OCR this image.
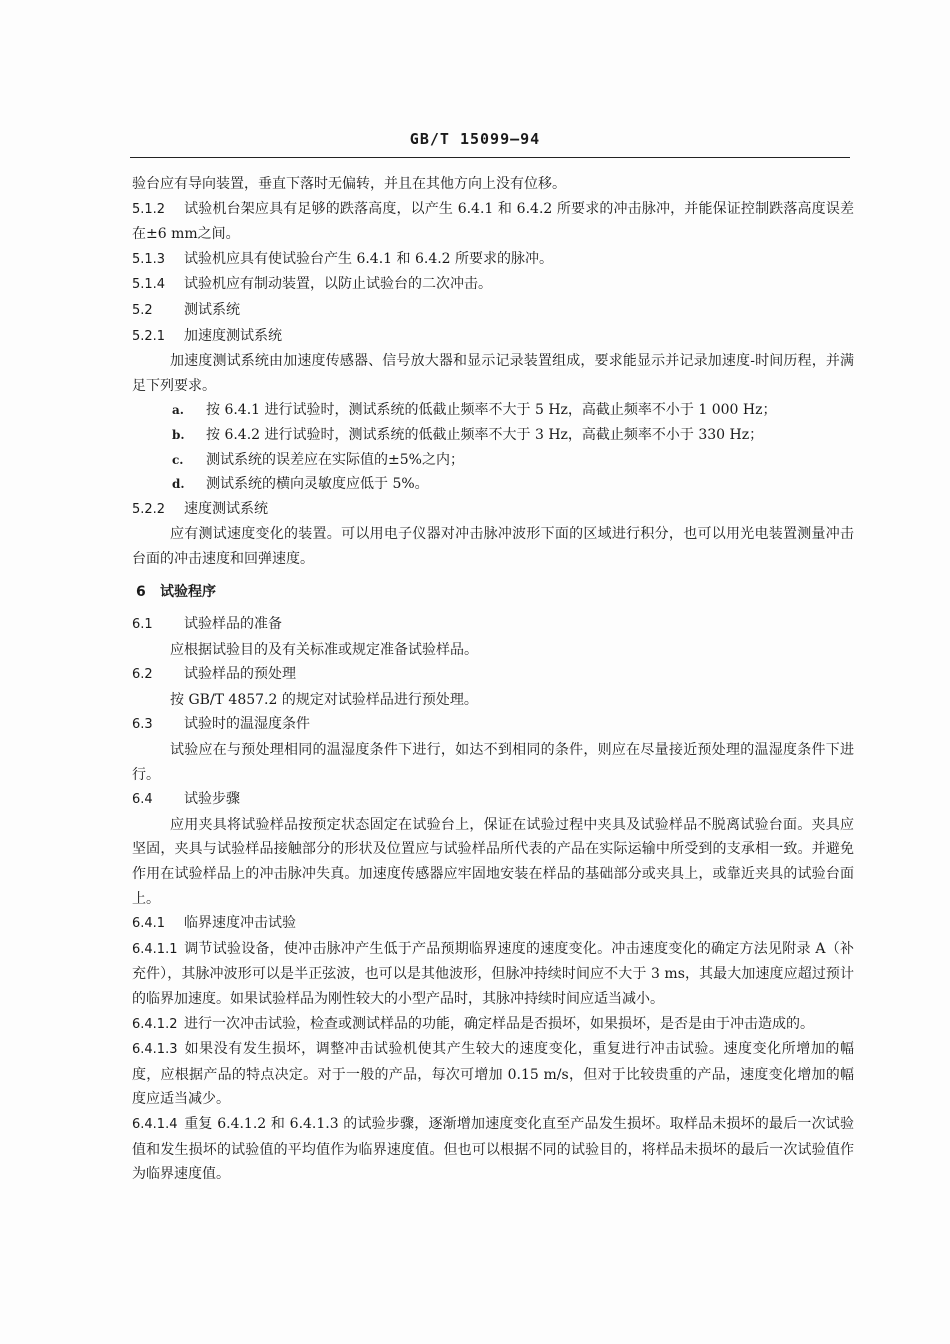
GB/T 15099—94

验台应有导向装置，垂直下落时无偏转，并且在其他方向上没有位移。

5.1.2 试验机台架应具有足够的跌落高度，以产生 6.4.1 和 6.4.2 所要求的冲击脉冲，并能保证控制跌落高度误差在±6 mm之间。

5.1.3 试验机应具有使试验台产生 6.4.1 和 6.4.2 所要求的脉冲。

5.1.4 试验机应有制动装置，以防止试验台的二次冲击。

5.2 测试系统

5.2.1 加速度测试系统

加速度测试系统由加速度传感器、信号放大器和显示记录装置组成，要求能显示并记录加速度-时间历程，并满足下列要求。

a. 按 6.4.1 进行试验时，测试系统的低截止频率不大于 5 Hz，高截止频率不小于 1 000 Hz；

b. 按 6.4.2 进行试验时，测试系统的低截止频率不大于 3 Hz，高截止频率不小于 330 Hz；

c. 测试系统的误差应在实际值的±5%之内；

d. 测试系统的横向灵敏度应低于 5%。

5.2.2 速度测试系统

应有测试速度变化的装置。可以用电子仪器对冲击脉冲波形下面的区域进行积分，也可以用光电装置测量冲击台面的冲击速度和回弹速度。

6 试验程序

6.1 试验样品的准备

应根据试验目的及有关标准或规定准备试验样品。

6.2 试验样品的预处理

按 GB/T 4857.2 的规定对试验样品进行预处理。

6.3 试验时的温湿度条件

试验应在与预处理相同的温湿度条件下进行，如达不到相同的条件，则应在尽量接近预处理的温湿度条件下进行。

6.4 试验步骤

应用夹具将试验样品按预定状态固定在试验台上，保证在试验过程中夹具及试验样品不脱离试验台面。夹具应坚固，夹具与试验样品接触部分的形状及位置应与试验样品所代表的产品在实际运输中所受到的支承相一致。并避免作用在试验样品上的冲击脉冲失真。加速度传感器应牢固地安装在样品的基础部分或夹具上，或靠近夹具的试验台面上。

6.4.1 临界速度冲击试验

6.4.1.1 调节试验设备，使冲击脉冲产生低于产品预期临界速度的速度变化。冲击速度变化的确定方法见附录 A（补充件），其脉冲波形可以是半正弦波，也可以是其他波形，但脉冲持续时间应不大于 3 ms，其最大加速度应超过预计的临界加速度。如果试验样品为刚性较大的小型产品时，其脉冲持续时间应适当减小。

6.4.1.2 进行一次冲击试验，检查或测试样品的功能，确定样品是否损坏，如果损坏，是否是由于冲击造成的。

6.4.1.3 如果没有发生损坏，调整冲击试验机使其产生较大的速度变化，重复进行冲击试验。速度变化所增加的幅度，应根据产品的特点决定。对于一般的产品，每次可增加 0.15 m/s，但对于比较贵重的产品，速度变化增加的幅度应适当减少。

6.4.1.4 重复 6.4.1.2 和 6.4.1.3 的试验步骤，逐渐增加速度变化直至产品发生损坏。取样品未损坏的最后一次试验值和发生损坏的试验值的平均值作为临界速度值。但也可以根据不同的试验目的，将样品未损坏的最后一次试验值作为临界速度值。
